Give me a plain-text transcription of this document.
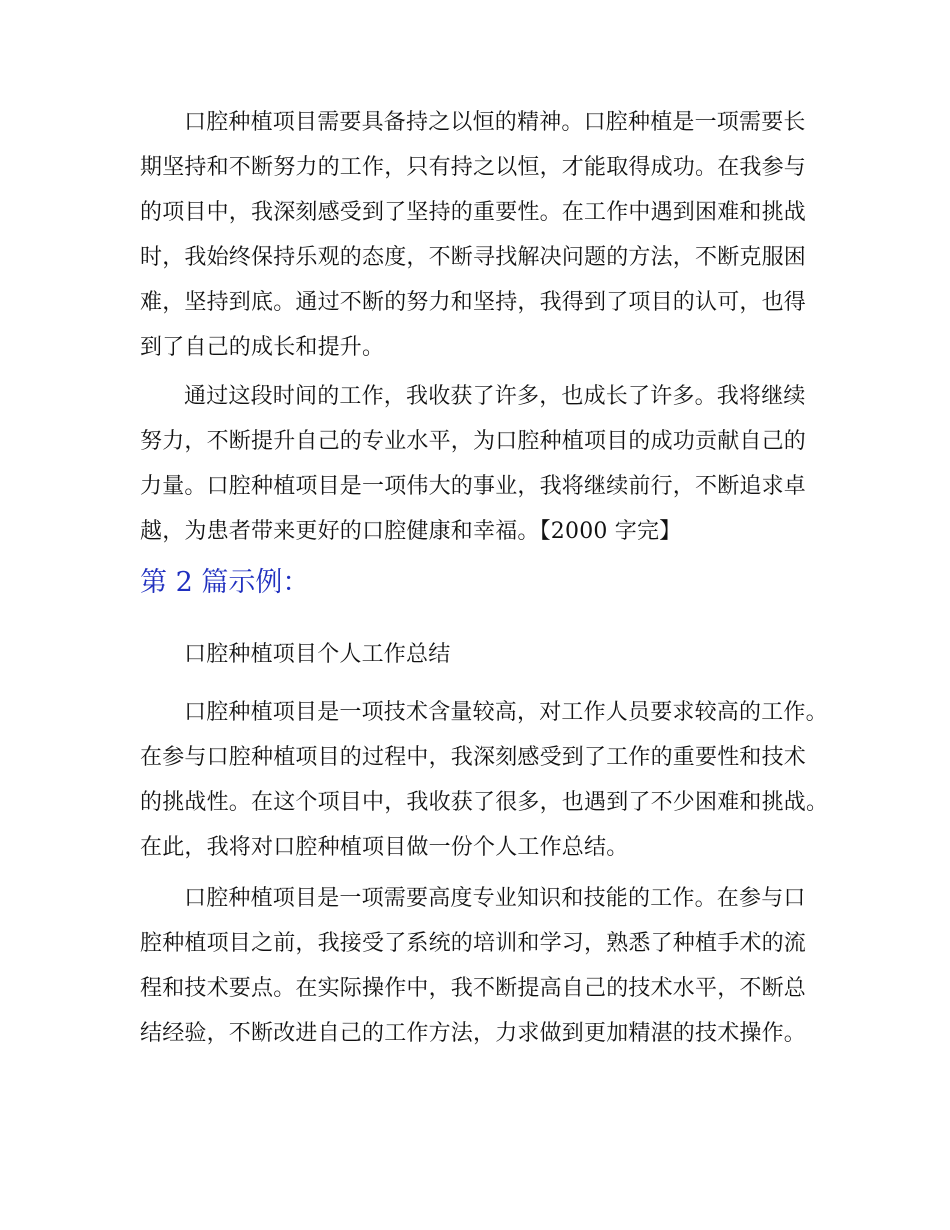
口腔种植项目需要具备持之以恒的精神。口腔种植是一项需要长
期坚持和不断努力的工作，只有持之以恒，才能取得成功。在我参与
的项目中，我深刻感受到了坚持的重要性。在工作中遇到困难和挑战
时，我始终保持乐观的态度，不断寻找解决问题的方法，不断克服困
难，坚持到底。通过不断的努力和坚持，我得到了项目的认可，也得
到了自己的成长和提升。
通过这段时间的工作，我收获了许多，也成长了许多。我将继续
努力，不断提升自己的专业水平，为口腔种植项目的成功贡献自己的
力量。口腔种植项目是一项伟大的事业，我将继续前行，不断追求卓
越，为患者带来更好的口腔健康和幸福。【2000 字完】
第 2 篇示例：
口腔种植项目个人工作总结
口腔种植项目是一项技术含量较高，对工作人员要求较高的工作。
在参与口腔种植项目的过程中，我深刻感受到了工作的重要性和技术
的挑战性。在这个项目中，我收获了很多，也遇到了不少困难和挑战。
在此，我将对口腔种植项目做一份个人工作总结。
口腔种植项目是一项需要高度专业知识和技能的工作。在参与口
腔种植项目之前，我接受了系统的培训和学习，熟悉了种植手术的流
程和技术要点。在实际操作中，我不断提高自己的技术水平，不断总
结经验，不断改进自己的工作方法，力求做到更加精湛的技术操作。
